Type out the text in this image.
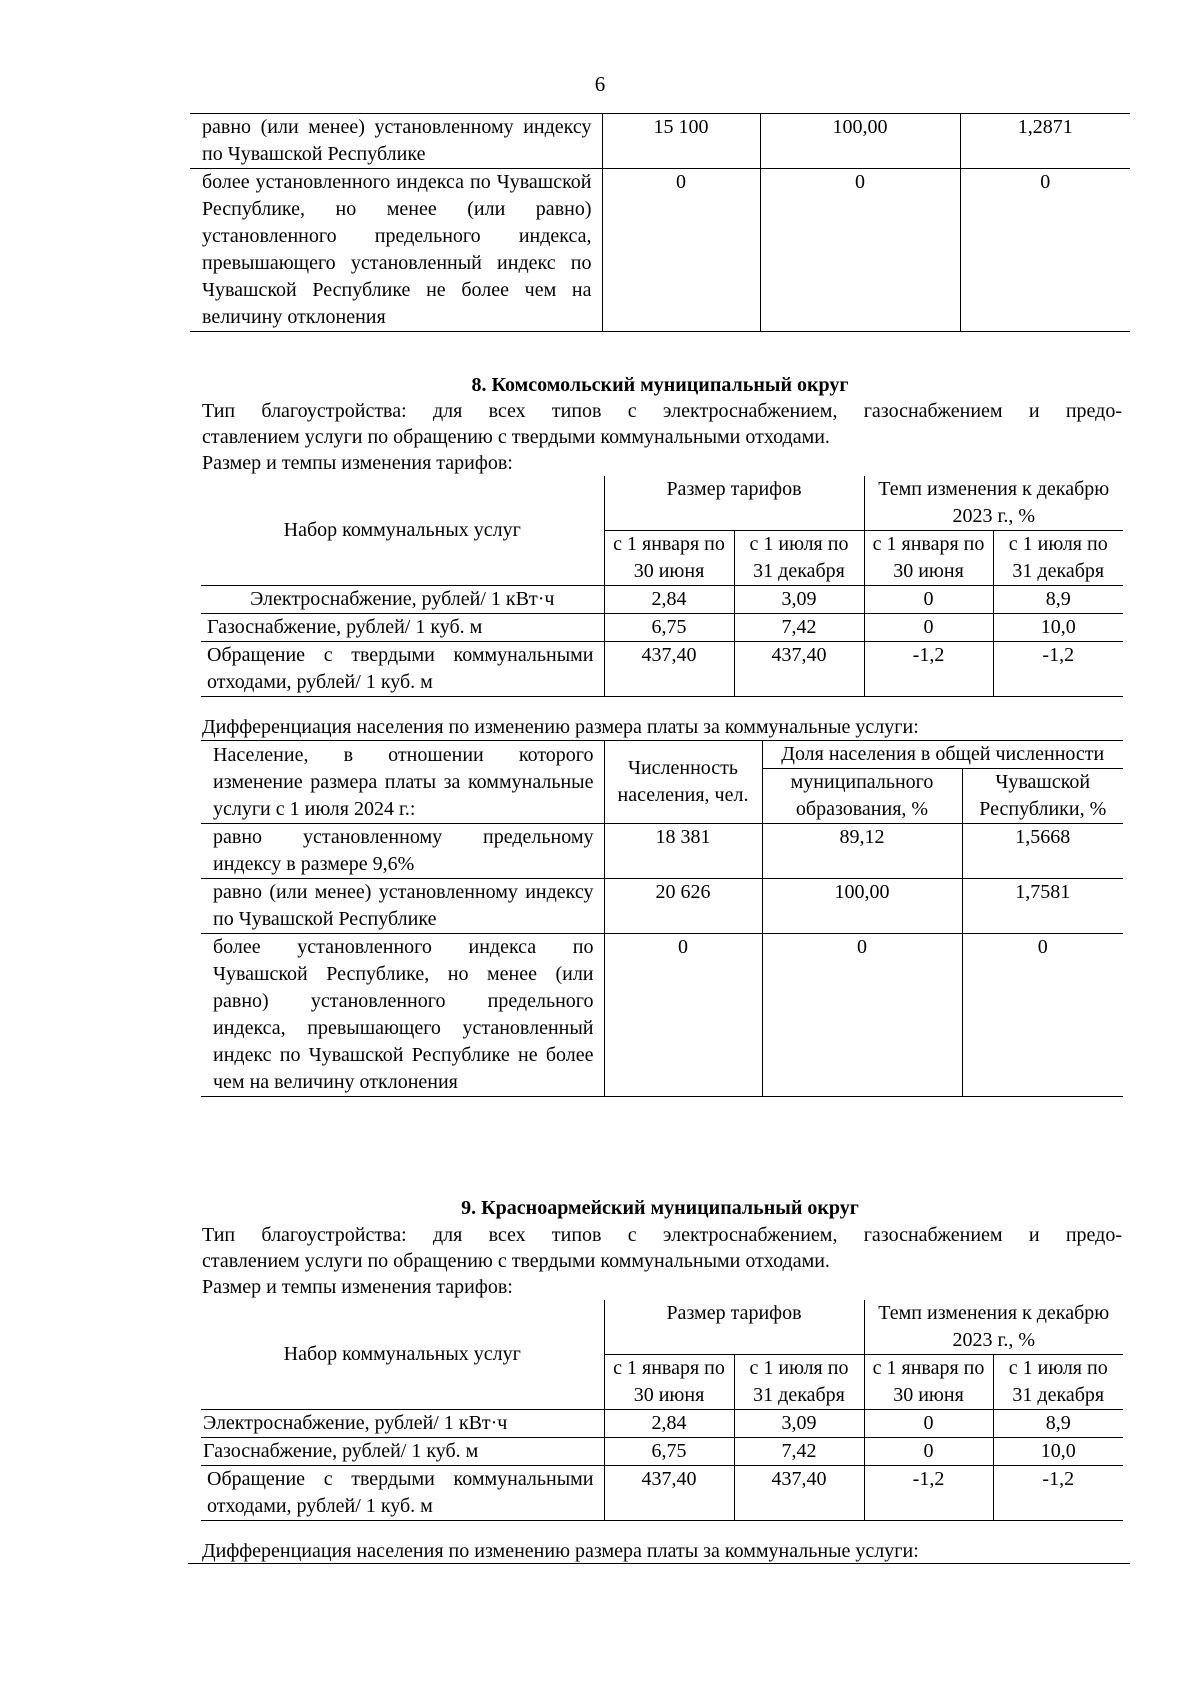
6
равно (или менее) установленному индексу по Чувашской Республике	15 100	100,00	1,2871
более установленного индекса по Чувашской Республике, но менее (или равно) установленного предельного индекса, превышающего установленный индекс по Чувашской Республике не более чем на величину отклонения	0	0	0
8. Комсомольский муниципальный округ
Тип благоустройства: для всех типов с электроснабжением, газоснабжением и предо-
ставлением услуги по обращению с твердыми коммунальными отходами.
Размер и темпы изменения тарифов:
Набор коммунальных услуг	Размер тарифов		Темп изменения к декабрю 2023 г., %	
	с 1 января по 30 июня	с 1 июля по 31 декабря	с 1 января по 30 июня	с 1 июля по 31 декабря
Электроснабжение, рублей/ 1 кВт·ч	2,84	3,09	0	8,9
Газоснабжение, рублей/ 1 куб. м	6,75	7,42	0	10,0
Обращение с твердыми коммунальными отходами, рублей/ 1 куб. м	437,40	437,40	-1,2	-1,2
Дифференциация населения по изменению размера платы за коммунальные услуги:
Население, в отношении которого изменение размера платы за коммунальные услуги с 1 июля 2024 г.:	Численность населения, чел.	Доля населения в общей численности	
		муниципального образования, %	Чувашской Республики, %
равно установленному предельному индексу в размере 9,6%	18 381	89,12	1,5668
равно (или менее) установленному индексу по Чувашской Республике	20 626	100,00	1,7581
более установленного индекса по Чувашской Республике, но менее (или равно) установленного предельного индекса, превышающего установленный индекс по Чувашской Республике не более чем на величину отклонения	0	0	0
9. Красноармейский муниципальный округ
Тип благоустройства: для всех типов с электроснабжением, газоснабжением и предо-
ставлением услуги по обращению с твердыми коммунальными отходами.
Размер и темпы изменения тарифов:
Набор коммунальных услуг	Размер тарифов		Темп изменения к декабрю 2023 г., %	
	с 1 января по 30 июня	с 1 июля по 31 декабря	с 1 января по 30 июня	с 1 июля по 31 декабря
Электроснабжение, рублей/ 1 кВт·ч	2,84	3,09	0	8,9
Газоснабжение, рублей/ 1 куб. м	6,75	7,42	0	10,0
Обращение с твердыми коммунальными отходами, рублей/ 1 куб. м	437,40	437,40	-1,2	-1,2
Дифференциация населения по изменению размера платы за коммунальные услуги:
